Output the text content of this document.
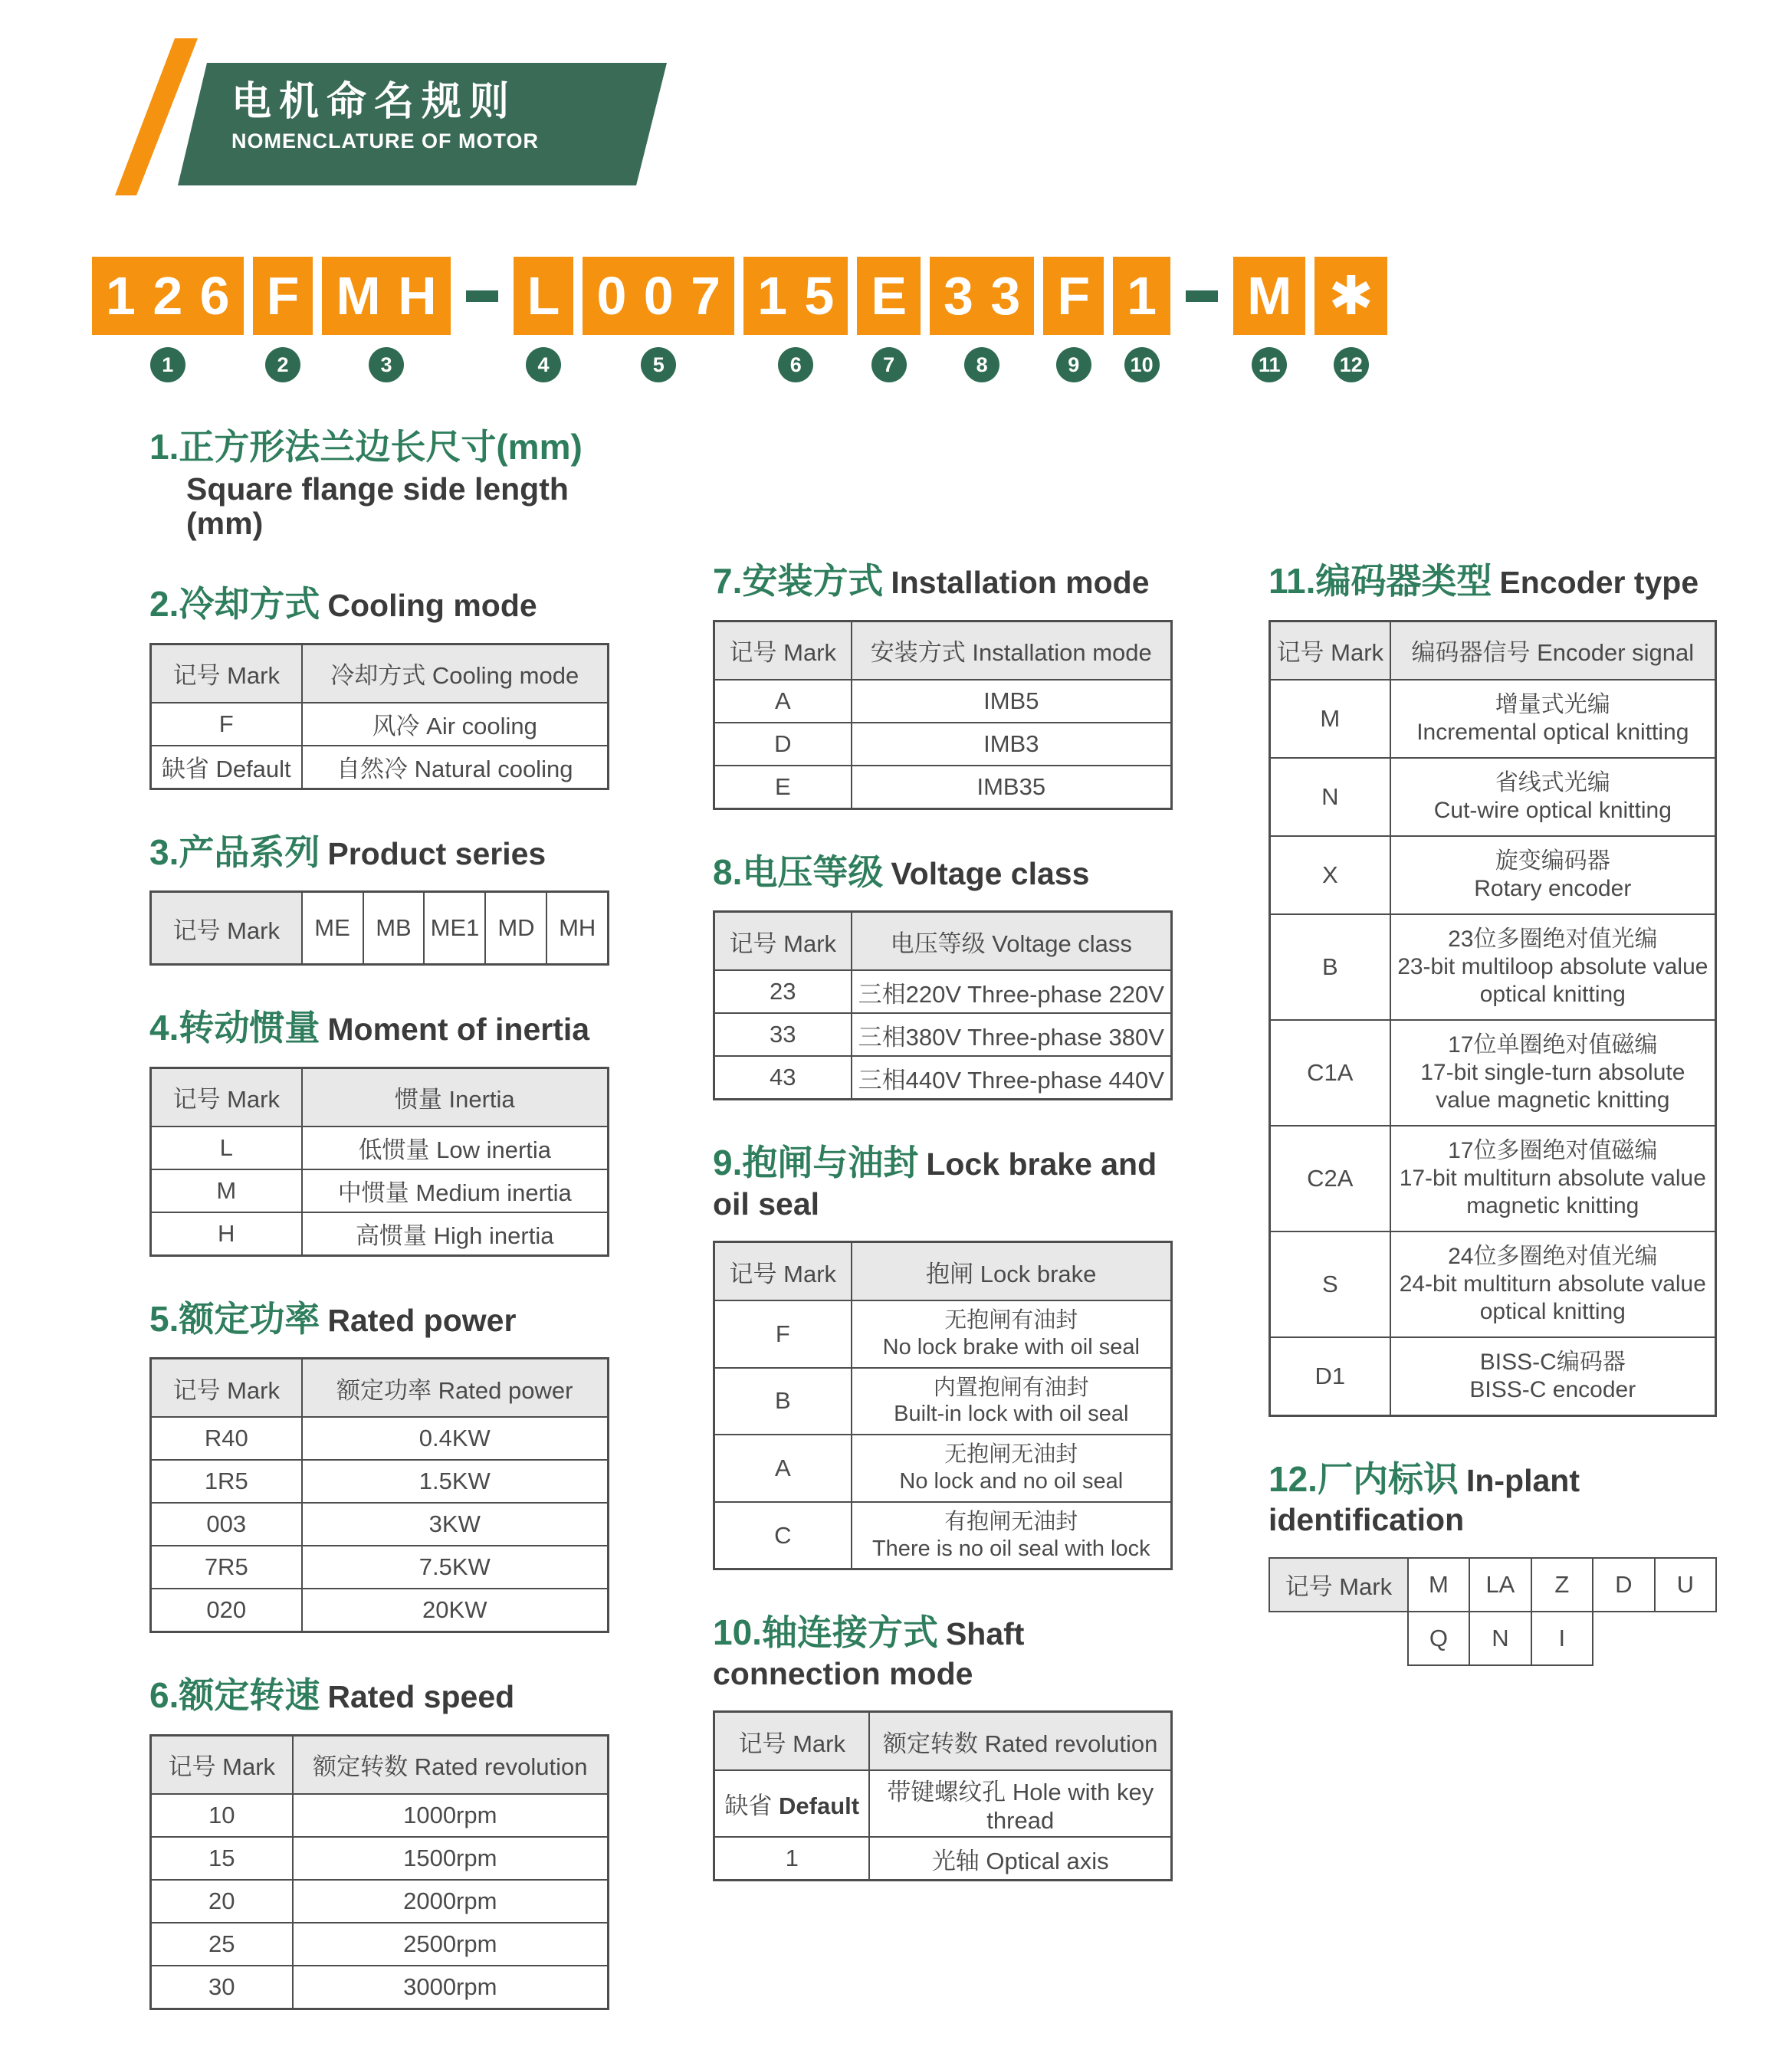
电机命名规则
NOMENCLATURE OF MOTOR
126
1
F
2
MH
3
L
4
007
5
15
6
E
7
33
8
F
9
1
10
M
11
✱
12
1.正方形法兰边长尺寸(mm)
Square flange side length (mm)
2.冷却方式 Cooling mode
记号 Mark	冷却方式 Cooling mode
F	风冷 Air cooling
缺省 Default	自然冷 Natural cooling
3.产品系列 Product series
记号 Mark	ME	MB	ME1	MD	MH
4.转动惯量 Moment of inertia
记号 Mark	惯量 Inertia
L	低惯量 Low inertia
M	中惯量 Medium inertia
H	高惯量 High inertia
5.额定功率 Rated power
记号 Mark	额定功率 Rated power
R40	0.4KW
1R5	1.5KW
003	3KW
7R5	7.5KW
020	20KW
6.额定转速 Rated speed
记号 Mark	额定转数 Rated revolution
10	1000rpm
15	1500rpm
20	2000rpm
25	2500rpm
30	3000rpm
7.安装方式 Installation mode
记号 Mark	安装方式 Installation mode
A	IMB5
D	IMB3
E	IMB35
8.电压等级 Voltage class
记号 Mark	电压等级 Voltage class
23	三相220V Three-phase 220V
33	三相380V Three-phase 380V
43	三相440V Three-phase 440V
9.抱闸与油封 Lock brake and oil seal
记号 Mark	抱闸 Lock brake
F	无抱闸有油封
No lock brake with oil seal

B	内置抱闸有油封
Built-in lock with oil seal

A	无抱闸无油封
No lock and no oil seal

C	有抱闸无油封
There is no oil seal with lock
10.轴连接方式 Shaft connection mode
记号 Mark	额定转数 Rated revolution
缺省 Default	带键螺纹孔 Hole with key thread
1	光轴 Optical axis
11.编码器类型 Encoder type
记号 Mark	编码器信号 Encoder signal
M	增量式光编
Incremental optical knitting

N	省线式光编
Cut-wire optical knitting

X	旋变编码器
Rotary encoder

B	23位多圈绝对值光编
23-bit multiloop absolute value optical knitting

C1A	17位单圈绝对值磁编
17-bit single-turn absolute value magnetic knitting

C2A	17位多圈绝对值磁编
17-bit multiturn absolute value magnetic knitting

S	24位多圈绝对值光编
24-bit multiturn absolute value optical knitting

D1	BISS-C编码器
BISS-C encoder
12.厂内标识 In-plant identification
记号 Mark	M	LA	Z	D	U
	Q	N	I		
